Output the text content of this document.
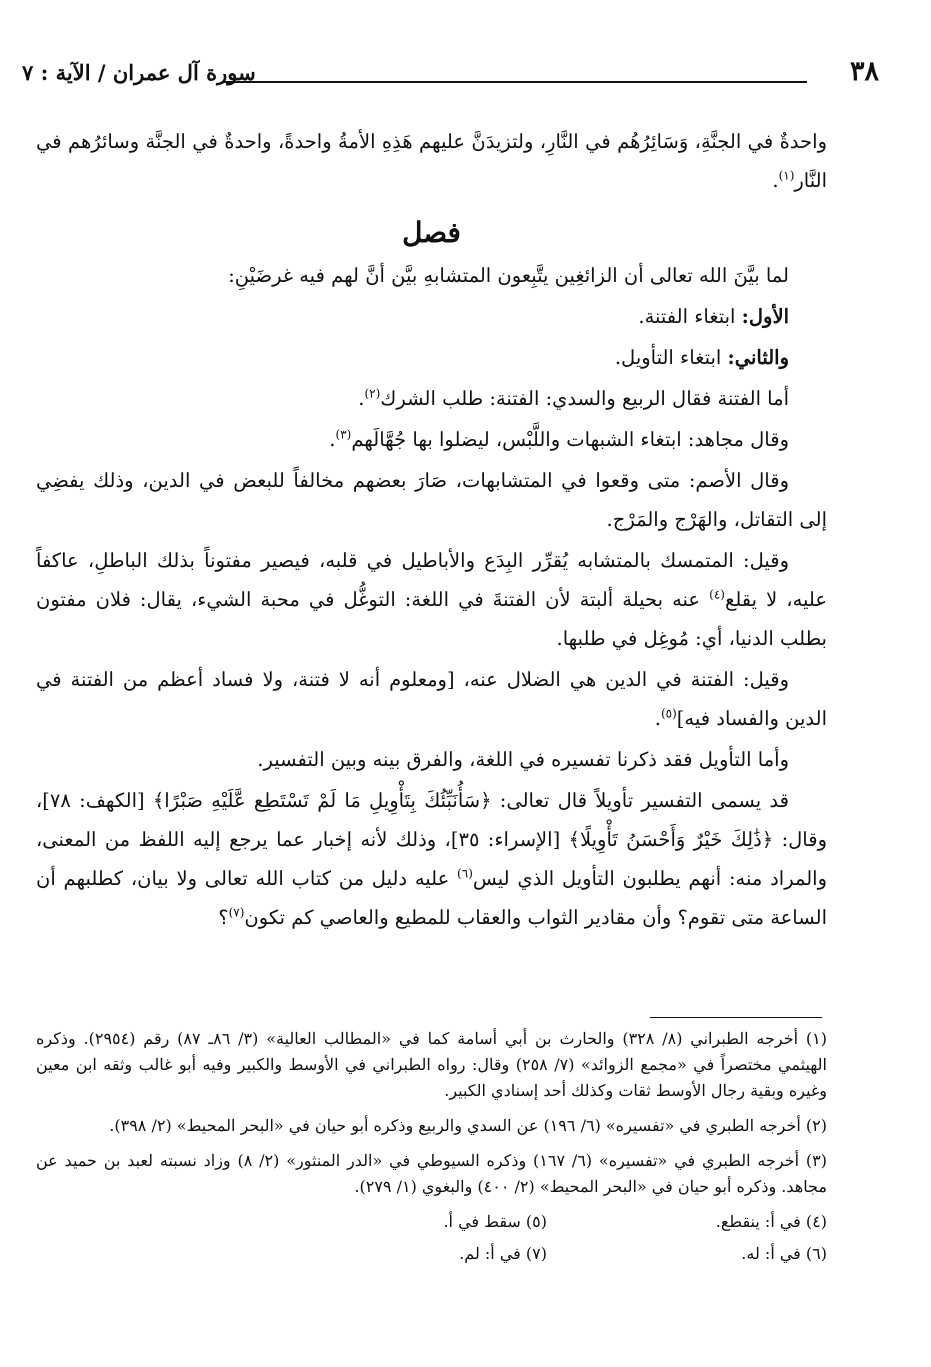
٣٨
سورة آل عمران / الآية : ٧

واحدةٌ في الجنَّةِ، وَسَائِرُهُم في النَّارِ، ولتزيدَنَّ عليهم هَذِهِ الأمةُ واحدةً، واحدةٌ في الجنَّة وسائرُهم في النَّار$^{(١)}$.

فصل

لما بيَّنَ الله تعالى أن الزائغِين يتَّبِعون المتشابهِ بيَّن أنَّ لهم فيه غرضَيْنِ:

الأول: ابتغاء الفتنة.

والثاني: ابتغاء التأويل.

أما الفتنة فقال الربيع والسدي: الفتنة: طلب الشرك$^{(٢)}$.

وقال مجاهد: ابتغاء الشبهات واللَّبْس، ليضلوا بها جُهَّالَهم$^{(٣)}$.

وقال الأصم: متى وقعوا في المتشابهات، صَارَ بعضهم مخالفاً للبعض في الدين، وذلك يفضِي إلى التقاتل، والهَرْج والمَرْج.

وقيل: المتمسك بالمتشابه يُقرِّر البِدَع والأباطيل في قلبه، فيصير مفتوناً بذلك الباطلِ، عاكفاً عليه، لا يقلع$^{(٤)}$ عنه بحيلة ألبتة لأن الفتنةَ في اللغة: التوغُّل في محبة الشيء، يقال: فلان مفتون بطلب الدنيا، أي: مُوغِل في طلبها.

وقيل: الفتنة في الدين هي الضلال عنه، [ومعلوم أنه لا فتنة، ولا فساد أعظم من الفتنة في الدين والفساد فيه]$^{(٥)}$.

وأما التأويل فقد ذكرنا تفسيره في اللغة، والفرق بينه وبين التفسير.

قد يسمى التفسير تأويلاً قال تعالى: ﴿سَأُنَبِّئُكَ بِتَأْوِيلِ مَا لَمْ تَسْتَطِع عَّلَيْهِ صَبْرًا﴾ [الكهف: ٧٨]، وقال: ﴿ذَٰلِكَ خَيْرٌ وَأَحْسَنُ تَأْوِيلًا﴾ [الإسراء: ٣٥]، وذلك لأنه إخبار عما يرجع إليه اللفظ من المعنى، والمراد منه: أنهم يطلبون التأويل الذي ليس$^{(٦)}$ عليه دليل من كتاب الله تعالى ولا بيان، كطلبهم أن الساعة متى تقوم؟ وأن مقادير الثواب والعقاب للمطيع والعاصي كم تكون$^{(٧)}$؟

(١) أخرجه الطبراني (٨/ ٣٢٨) والحارث بن أبي أسامة كما في «المطالب العالية» (٣/ ٨٦ـ ٨٧) رقم (٢٩٥٤). وذكره الهيثمي مختصراً في «مجمع الزوائد» (٧/ ٢٥٨) وقال: رواه الطبراني في الأوسط والكبير وفيه أبو غالب وثقه ابن معين وغيره وبقية رجال الأوسط ثقات وكذلك أحد إسنادي الكبير.

(٢) أخرجه الطبري في «تفسيره» (٦/ ١٩٦) عن السدي والربيع وذكره أبو حيان في «البحر المحيط» (٢/ ٣٩٨).

(٣) أخرجه الطبري في «تفسيره» (٦/ ١٦٧) وذكره السيوطي في «الدر المنثور» (٢/ ٨) وزاد نسبته لعبد بن حميد عن مجاهد. وذكره أبو حيان في «البحر المحيط» (٢/ ٤٠٠) والبغوي (١/ ٢٧٩).

(٤) في أ: ينقطع.
(٥) سقط في أ.
(٦) في أ: له.
(٧) في أ: لم.
